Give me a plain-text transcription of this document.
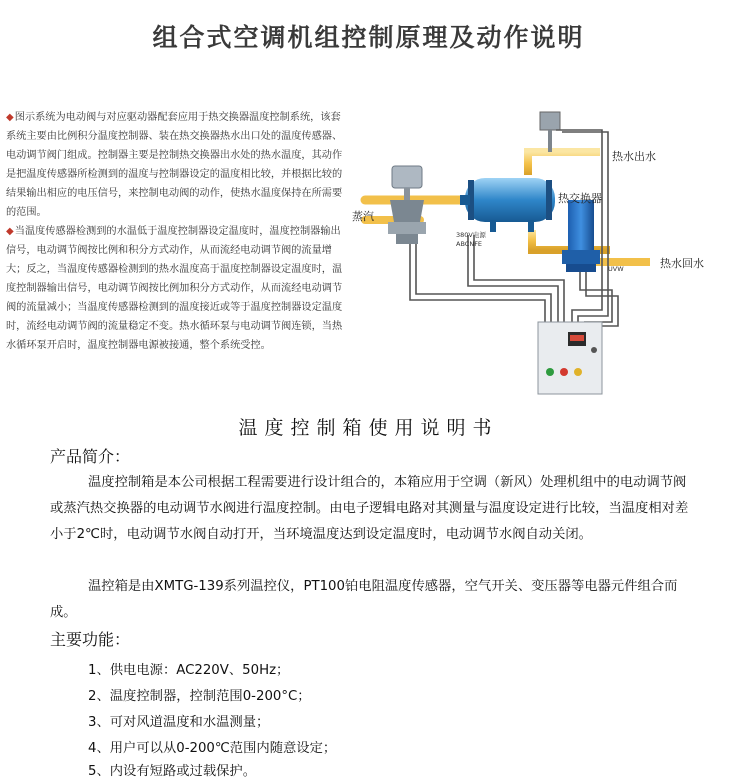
组合式空调机组控制原理及动作说明

◆图示系统为电动阀与对应驱动器配套应用于热交换器温度控制系统，该套系统主要由比例积分温度控制器、装在热交换器热水出口处的温度传感器、电动调节阀门组成。控制器主要是控制热交换器出水处的热水温度，其动作是把温度传感器所检测到的温度与控制器设定的温度相比较，并根据比较的结果输出相应的电压信号，来控制电动阀的动作，使热水温度保持在所需要的范围。

◆当温度传感器检测到的水温低于温度控制器设定温度时，温度控制器输出信号，电动调节阀按比例和积分方式动作，从而流经电动调节阀的流量增大；反之，当温度传感器检测到的热水温度高于温度控制器设定温度时，温度控制器输出信号，电动调节阀按比例加积分方式动作，从而流经电动调节阀的流量减小；当温度传感器检测到的温度接近或等于温度控制器设定温度时，流经电动调节阀的流量稳定不变。热水循环泵与电动调节阀连锁，当热水循环泵开启时，温度控制器电源被接通，整个系统受控。

热水出水
热交换器
蒸汽
380V电源
ABCNFE
热水回水
UVW
温度控制箱使用说明书
产品简介：

温度控制箱是本公司根据工程需要进行设计组合的，本箱应用于空调（新风）处理机组中的电动调节阀或蒸汽热交换器的电动调节水阀进行温度控制。由电子逻辑电路对其测量与温度设定进行比较，当温度相对差小于2℃时，电动调节水阀自动打开，当环境温度达到设定温度时，电动调节水阀自动关闭。

温控箱是由XMTG-139系列温控仪，PT100铂电阻温度传感器，空气开关、变压器等电器元件组合而成。

主要功能：
1、供电电源：AC220V、50Hz；
2、温度控制器，控制范围0-200°C；
3、可对风道温度和水温测量；
4、用户可以从0-200℃范围内随意设定；
5、内设有短路或过载保护。
